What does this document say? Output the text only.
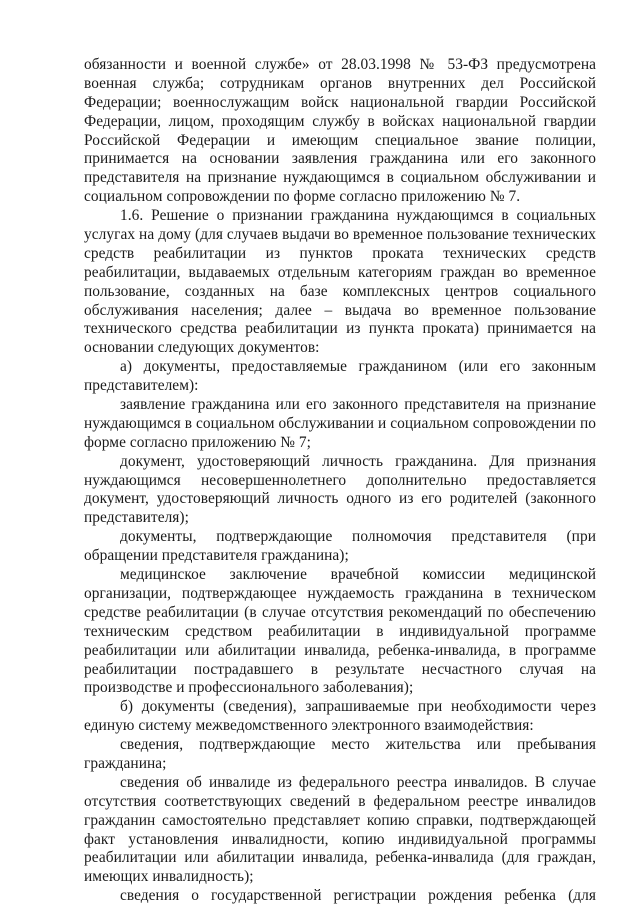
обязанности и военной службе» от 28.03.1998 № 53-ФЗ предусмотрена
военная служба; сотрудникам органов внутренних дел Российской
Федерации; военнослужащим войск национальной гвардии Российской
Федерации, лицом, проходящим службу в войсках национальной гвардии
Российской Федерации и имеющим специальное звание полиции,
принимается на основании заявления гражданина или его законного
представителя на признание нуждающимся в социальном обслуживании и
социальном сопровождении по форме согласно приложению № 7.
1.6. Решение о признании гражданина нуждающимся в социальных
услугах на дому (для случаев выдачи во временное пользование технических
средств реабилитации из пунктов проката технических средств
реабилитации, выдаваемых отдельным категориям граждан во временное
пользование, созданных на базе комплексных центров социального
обслуживания населения; далее – выдача во временное пользование
технического средства реабилитации из пункта проката) принимается на
основании следующих документов:
а) документы, предоставляемые гражданином (или его законным
представителем):
заявление гражданина или его законного представителя на признание
нуждающимся в социальном обслуживании и социальном сопровождении по
форме согласно приложению № 7;
документ, удостоверяющий личность гражданина. Для признания
нуждающимся несовершеннолетнего дополнительно предоставляется
документ, удостоверяющий личность одного из его родителей (законного
представителя);
документы, подтверждающие полномочия представителя (при
обращении представителя гражданина);
медицинское заключение врачебной комиссии медицинской
организации, подтверждающее нуждаемость гражданина в техническом
средстве реабилитации (в случае отсутствия рекомендаций по обеспечению
техническим средством реабилитации в индивидуальной программе
реабилитации или абилитации инвалида, ребенка-инвалида, в программе
реабилитации пострадавшего в результате несчастного случая на
производстве и профессионального заболевания);
б) документы (сведения), запрашиваемые при необходимости через
единую систему межведомственного электронного взаимодействия:
сведения, подтверждающие место жительства или пребывания
гражданина;
сведения об инвалиде из федерального реестра инвалидов. В случае
отсутствия соответствующих сведений в федеральном реестре инвалидов
гражданин самостоятельно представляет копию справки, подтверждающей
факт установления инвалидности, копию индивидуальной программы
реабилитации или абилитации инвалида, ребенка-инвалида (для граждан,
имеющих инвалидность);
сведения о государственной регистрации рождения ребенка (для
